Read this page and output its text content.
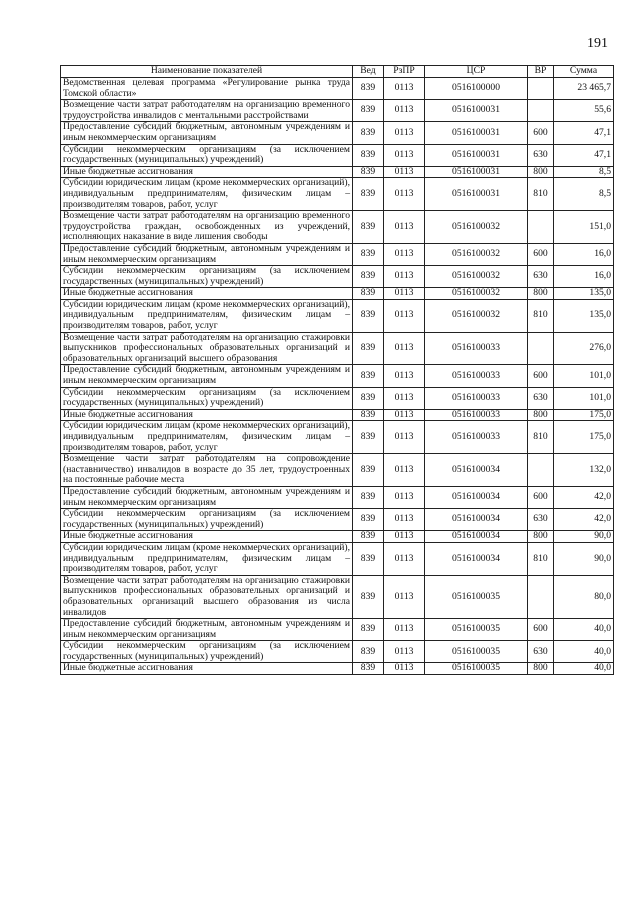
191
Наименование показателей	Вед	РзПР	ЦСР	ВР	Сумма
Ведомственная целевая программа «Регулирование рынка труда Томской области»	839	0113	0516100000		23 465,7
Возмещение части затрат работодателям на организацию временного трудоустройства инвалидов с ментальными расстройствами	839	0113	0516100031		55,6
Предоставление субсидий бюджетным, автономным учреждениям и иным некоммерческим организациям	839	0113	0516100031	600	47,1
Субсидии некоммерческим организациям (за исключением государственных (муниципальных) учреждений)	839	0113	0516100031	630	47,1
Иные бюджетные ассигнования	839	0113	0516100031	800	8,5
Субсидии юридическим лицам (кроме некоммерческих организаций), индивидуальным предпринимателям, физическим лицам – производителям товаров, работ, услуг	839	0113	0516100031	810	8,5
Возмещение части затрат работодателям на организацию временного трудоустройства граждан, освобожденных из учреждений, исполняющих наказание в виде лишения свободы	839	0113	0516100032		151,0
Предоставление субсидий бюджетным, автономным учреждениям и иным некоммерческим организациям	839	0113	0516100032	600	16,0
Субсидии некоммерческим организациям (за исключением государственных (муниципальных) учреждений)	839	0113	0516100032	630	16,0
Иные бюджетные ассигнования	839	0113	0516100032	800	135,0
Субсидии юридическим лицам (кроме некоммерческих организаций), индивидуальным предпринимателям, физическим лицам – производителям товаров, работ, услуг	839	0113	0516100032	810	135,0
Возмещение части затрат работодателям на организацию стажировки выпускников профессиональных образовательных организаций и образовательных организаций высшего образования	839	0113	0516100033		276,0
Предоставление субсидий бюджетным, автономным учреждениям и иным некоммерческим организациям	839	0113	0516100033	600	101,0
Субсидии некоммерческим организациям (за исключением государственных (муниципальных) учреждений)	839	0113	0516100033	630	101,0
Иные бюджетные ассигнования	839	0113	0516100033	800	175,0
Субсидии юридическим лицам (кроме некоммерческих организаций), индивидуальным предпринимателям, физическим лицам – производителям товаров, работ, услуг	839	0113	0516100033	810	175,0
Возмещение части затрат работодателям на сопровождение (наставничество) инвалидов в возрасте до 35 лет, трудоустроенных на постоянные рабочие места	839	0113	0516100034		132,0
Предоставление субсидий бюджетным, автономным учреждениям и иным некоммерческим организациям	839	0113	0516100034	600	42,0
Субсидии некоммерческим организациям (за исключением государственных (муниципальных) учреждений)	839	0113	0516100034	630	42,0
Иные бюджетные ассигнования	839	0113	0516100034	800	90,0
Субсидии юридическим лицам (кроме некоммерческих организаций), индивидуальным предпринимателям, физическим лицам – производителям товаров, работ, услуг	839	0113	0516100034	810	90,0
Возмещение части затрат работодателям на организацию стажировки выпускников профессиональных образовательных организаций и образовательных организаций высшего образования из числа инвалидов	839	0113	0516100035		80,0
Предоставление субсидий бюджетным, автономным учреждениям и иным некоммерческим организациям	839	0113	0516100035	600	40,0
Субсидии некоммерческим организациям (за исключением государственных (муниципальных) учреждений)	839	0113	0516100035	630	40,0
Иные бюджетные ассигнования	839	0113	0516100035	800	40,0
